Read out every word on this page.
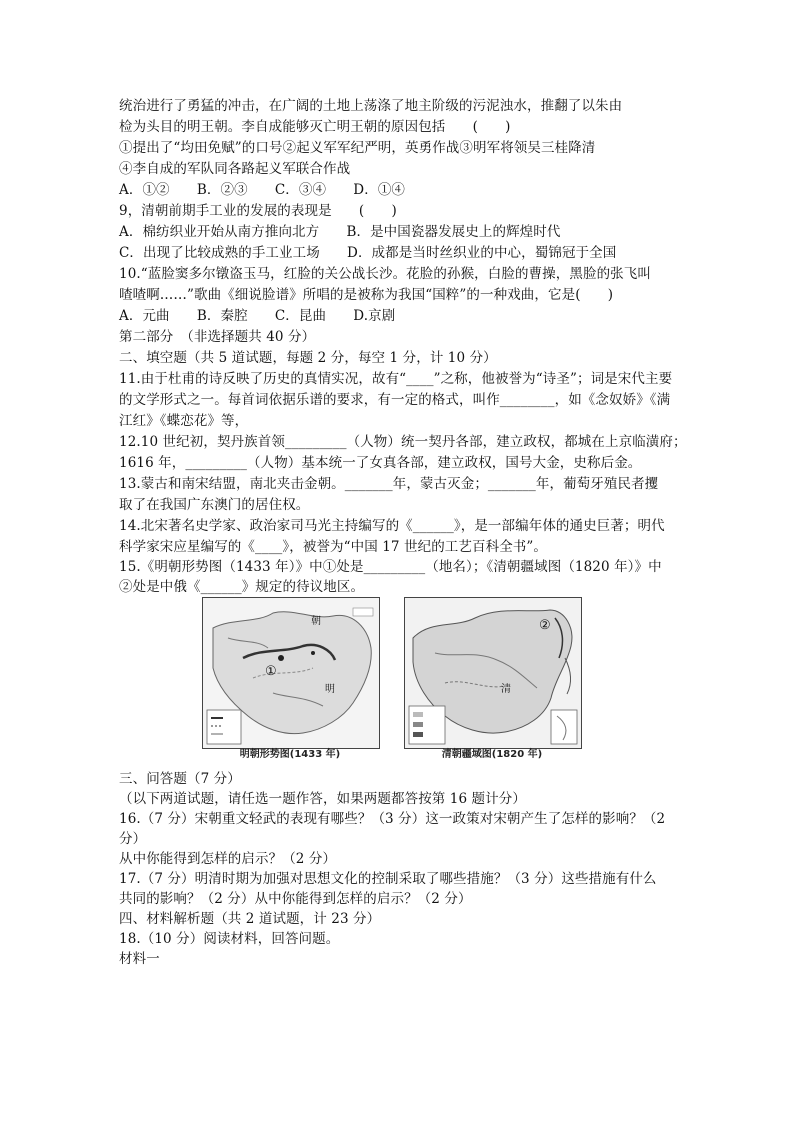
统治进行了勇猛的冲击，在广阔的土地上荡涤了地主阶级的污泥浊水，推翻了以朱由
检为头目的明王朝。李自成能够灭亡明王朝的原因包括　　(　　)
①提出了“均田免赋”的口号②起义军军纪严明，英勇作战③明军将领吴三桂降清
④李自成的军队同各路起义军联合作战
A．①②　　B．②③　　C．③④　　D．①④
9，清朝前期手工业的发展的表现是　　(　　)
A．棉纺织业开始从南方推向北方　　B．是中国瓷器发展史上的辉煌时代
C．出现了比较成熟的手工业工场　　D．成都是当时丝织业的中心，蜀锦冠于全国
10.“蓝脸窦多尔镦盗玉马，红脸的关公战长沙。花脸的孙猴，白脸的曹操，黑脸的张飞叫
喳喳啊……”歌曲《细说脸谱》所唱的是被称为我国“国粹”的一种戏曲，它是(　　)
A．元曲　　B．秦腔　　C．昆曲　　D.京剧
第二部分　（非选择题共 40 分）
二、填空题（共 5 道试题，每题 2 分，每空 1 分，计 10 分）
11.由于杜甫的诗反映了历史的真情实况，故有“____”之称，他被誉为“诗圣”；词是宋代主要
的文学形式之一。每首词依据乐谱的要求，有一定的格式，叫作________，如《念奴娇》《满
江红》《蝶恋花》等，
12.10 世纪初，契丹族首领_________（人物）统一契丹各部，建立政权，都城在上京临潢府；
1616 年，_________（人物）基本统一了女真各部，建立政权，国号大金，史称后金。
13.蒙古和南宋结盟，南北夹击金朝。_______年，蒙古灭金；_______年，葡萄牙殖民者攫
取了在我国广东澳门的居住权。
14.北宋著名史学家、政治家司马光主持编写的《______》，是一部编年体的通史巨著；明代
科学家宋应星编写的《____》，被誉为“中国 17 世纪的工艺百科全书”。
15.《明朝形势图（1433 年）》中①处是_________（地名）；《清朝疆域图（1820 年）》中
②处是中俄《______》规定的待议地区。
朝
明
①
清
②
明朝形势图(1433 年)	清朝疆域图(1820 年)
三、问答题（7 分）
（以下两道试题，请任选一题作答，如果两题都答按第 16 题计分）
16.（7 分）宋朝重文轻武的表现有哪些？（3 分）这一政策对宋朝产生了怎样的影响？（2
分）
从中你能得到怎样的启示？（2 分）
17.（7 分）明清时期为加强对思想文化的控制采取了哪些措施？（3 分）这些措施有什么
共同的影响？（2 分）从中你能得到怎样的启示？（2 分）
四、材料解析题（共 2 道试题，计 23 分）
18.（10 分）阅读材料，回答问题。
材料一
